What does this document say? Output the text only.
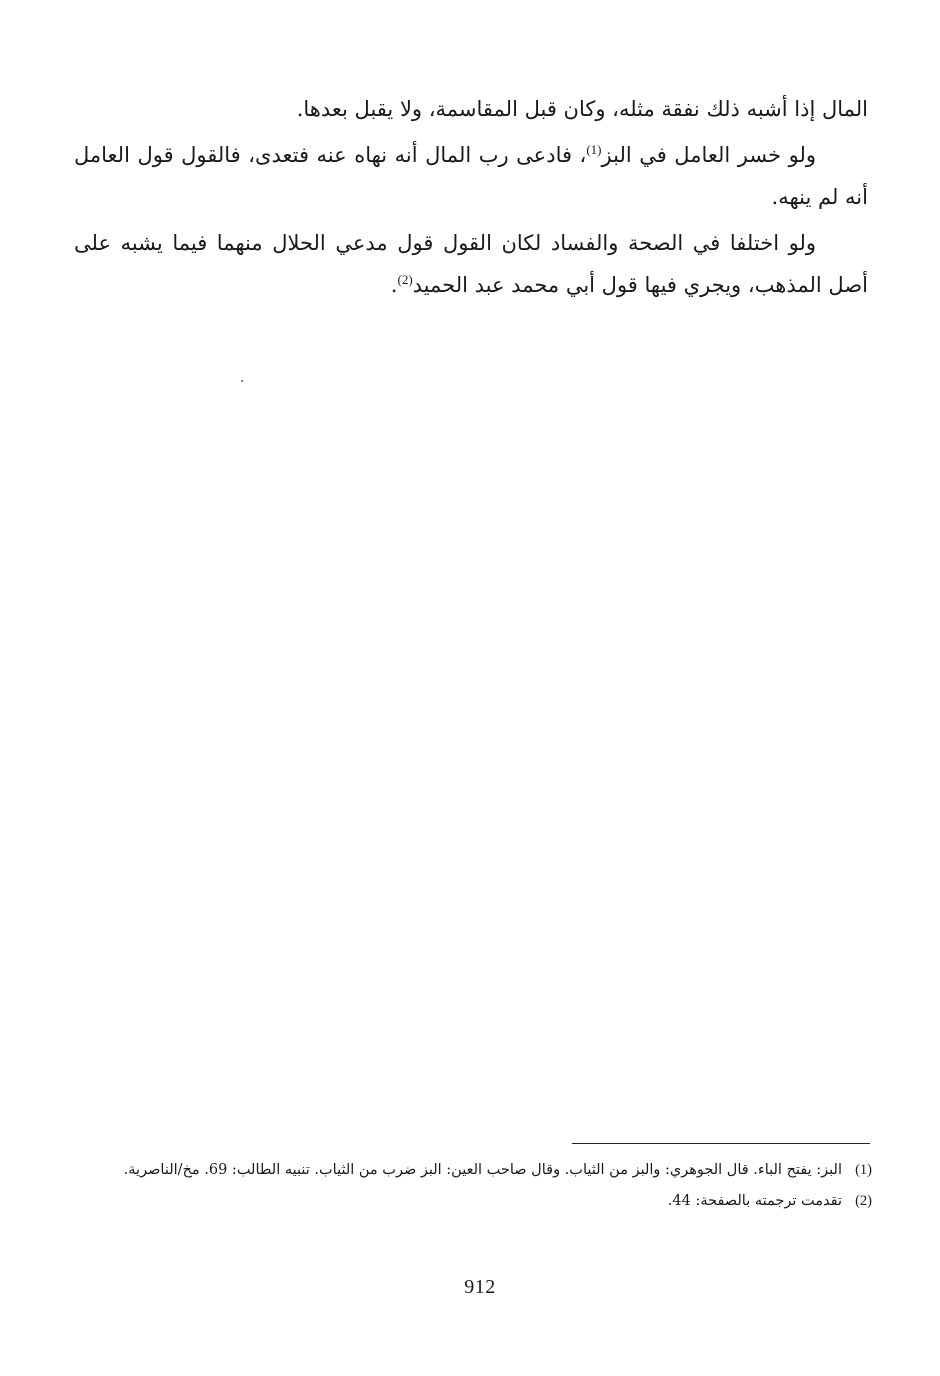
المال إذا أشبه ذلك نفقة مثله، وكان قبل المقاسمة، ولا يقبل بعدها.

ولو خسر العامل في البز$^{(1)}$، فادعى رب المال أنه نهاه عنه فتعدى، فالقول قول العامل أنه لم ينهه.

ولو اختلفا في الصحة والفساد لكان القول قول مدعي الحلال منهما فيما يشبه على أصل المذهب، ويجري فيها قول أبي محمد عبد الحميد$^{(2)}$.

(1)
البز: يفتح الباء. قال الجوهري: والبز من الثياب. وقال صاحب العين: البز ضرب من الثياب. تنبيه الطالب: 69. مخ/الناصرية.
(2)
تقدمت ترجمته بالصفحة: 44.
912
